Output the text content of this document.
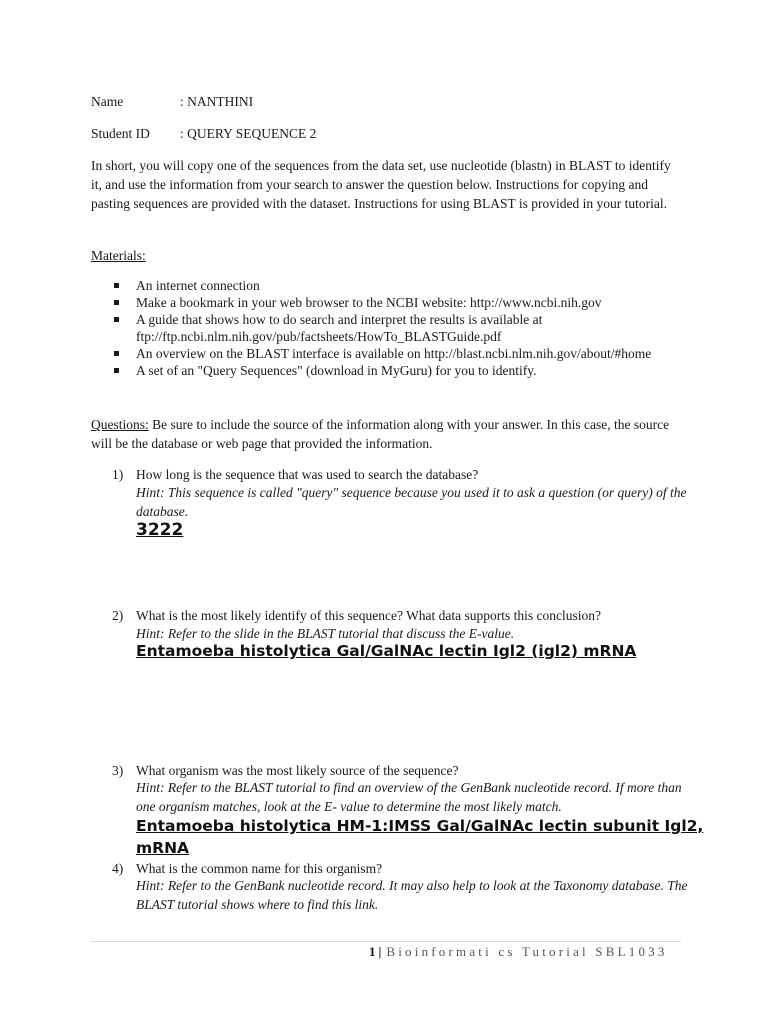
Name	: NANTHINI
Student ID : QUERY SEQUENCE 2
In short, you will copy one of the sequences from the data set, use nucleotide (blastn) in BLAST to identify it, and use the information from your search to answer the question below. Instructions for copying and pasting sequences are provided with the dataset. Instructions for using BLAST is provided in your tutorial.
Materials:
An internet connection
Make a bookmark in your web browser to the NCBI website: http://www.ncbi.nih.gov
A guide that shows how to do search and interpret the results is available at ftp://ftp.ncbi.nlm.nih.gov/pub/factsheets/HowTo_BLASTGuide.pdf
An overview on the BLAST interface is available on http://blast.ncbi.nlm.nih.gov/about/#home
A set of an "Query Sequences" (download in MyGuru) for you to identify.
Questions: Be sure to include the source of the information along with your answer. In this case, the source will be the database or web page that provided the information.
1) How long is the sequence that was used to search the database?
Hint: This sequence is called "query" sequence because you used it to ask a question (or query) of the database.
3222
2) What is the most likely identify of this sequence? What data supports this conclusion?
Hint: Refer to the slide in the BLAST tutorial that discuss the E-value.
Entamoeba histolytica Gal/GalNAc lectin Igl2 (igl2) mRNA
3) What organism was the most likely source of the sequence?
Hint: Refer to the BLAST tutorial to find an overview of the GenBank nucleotide record. If more than one organism matches, look at the E- value to determine the most likely match.
Entamoeba histolytica HM-1:IMSS Gal/GalNAc lectin subunit Igl2,
mRNA
4) What is the common name for this organism?
Hint: Refer to the GenBank nucleotide record. It may also help to look at the Taxonomy database. The BLAST tutorial shows where to find this link.
1 | Bioinformati cs Tutorial SBL1033
